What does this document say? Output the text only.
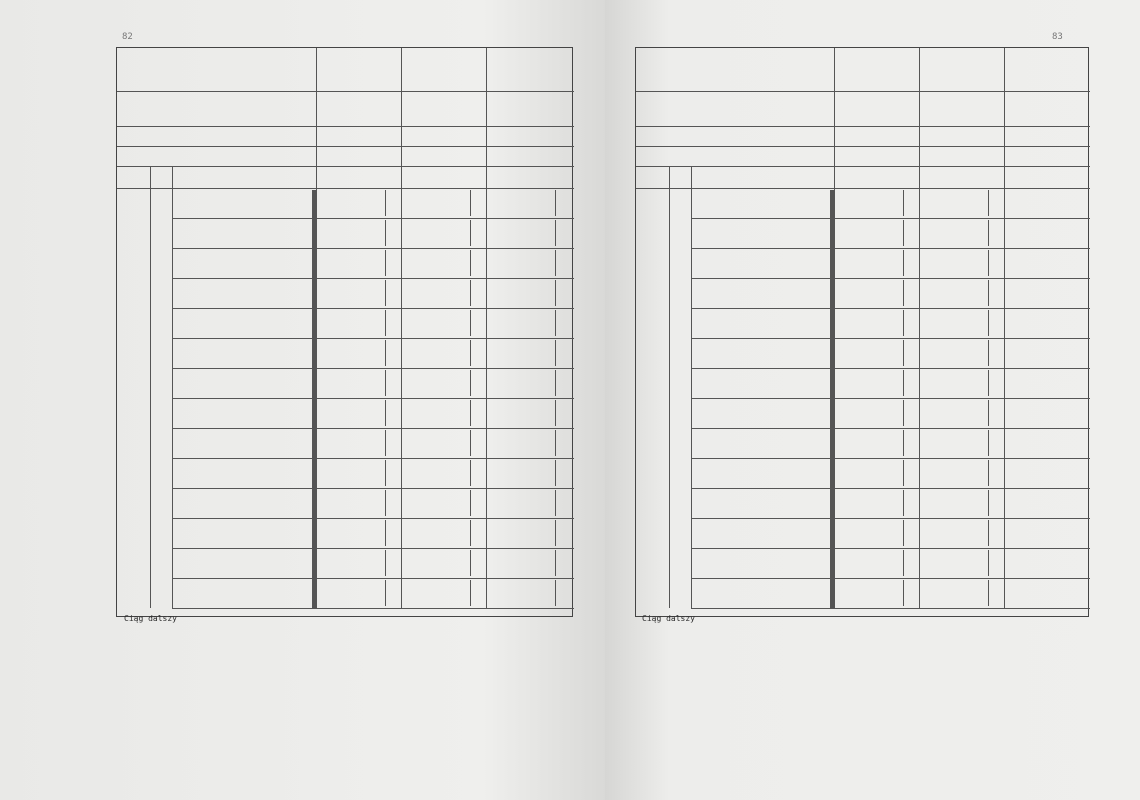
82
Ciąg dalszy
83
Ciąg dalszy
